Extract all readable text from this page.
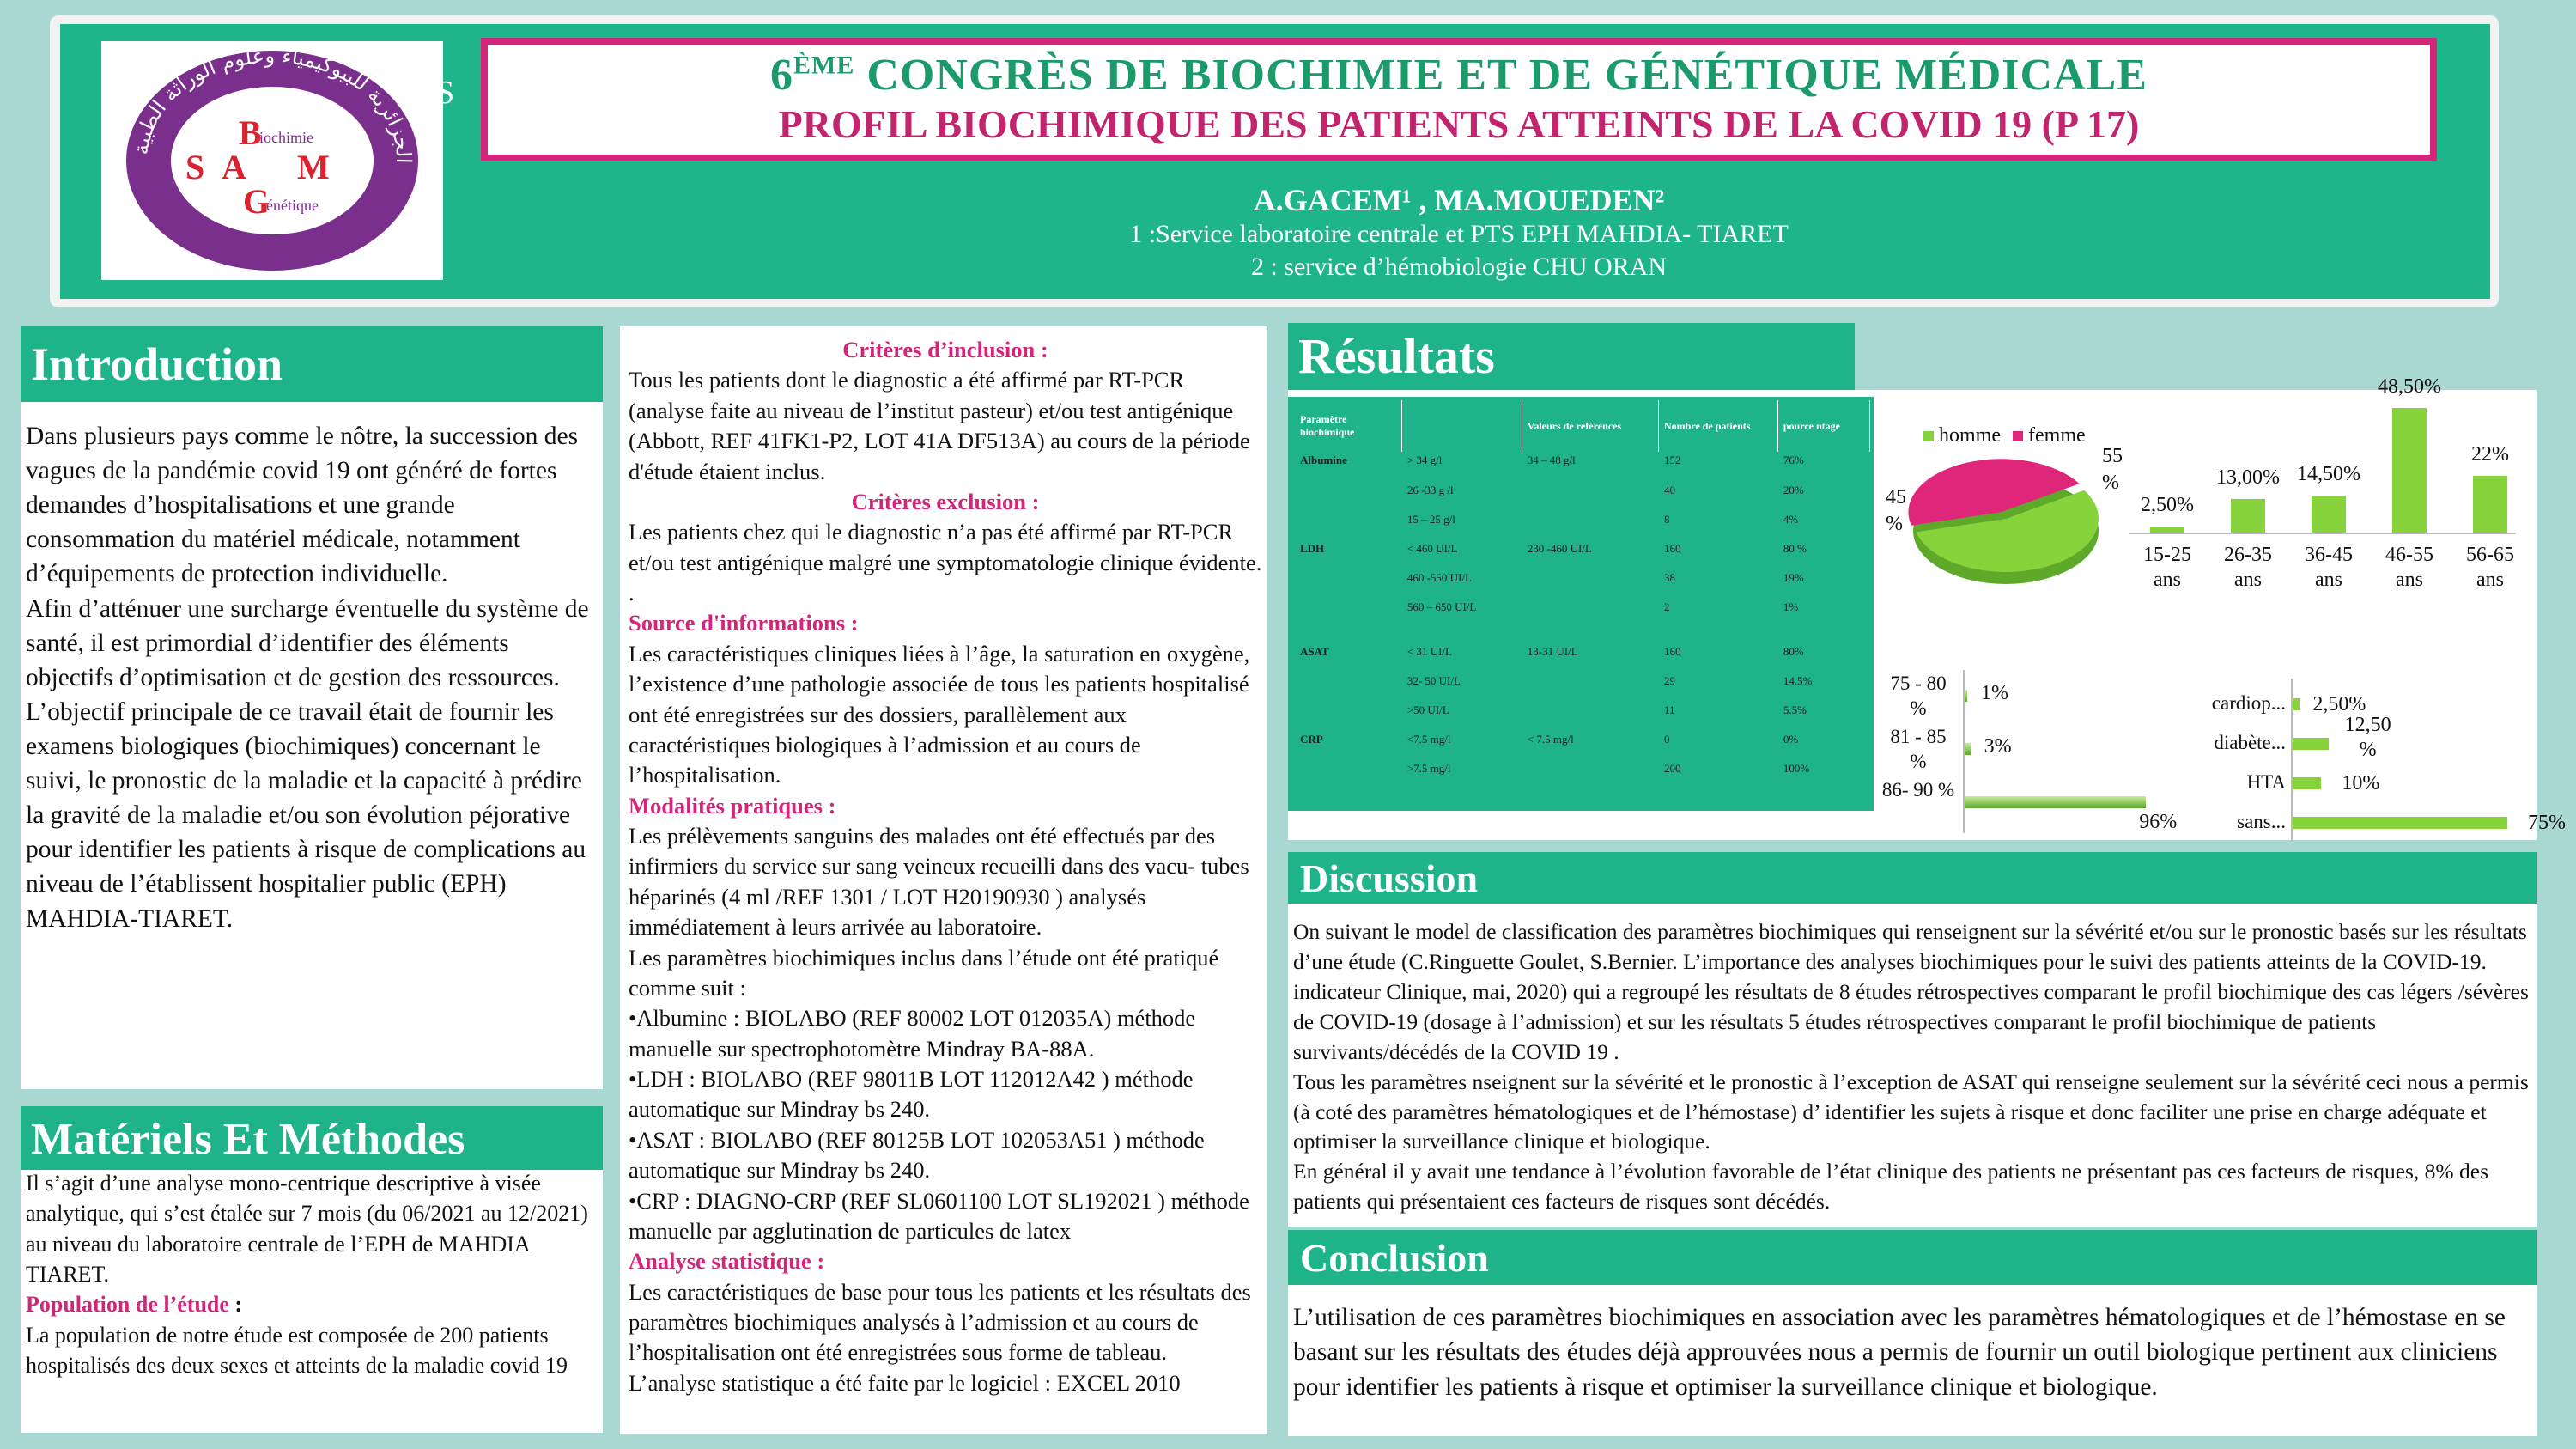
B
iochimie
S A M
G
énétique
الجزائرية للبيوكيمياء وعلوم الوراثة الطبية	S	6ÈME CONGRÈS DE BIOCHIMIE ET DE GÉNÉTIQUE MÉDICALE
PROFIL BIOCHIMIQUE DES PATIENTS ATTEINTS DE LA COVID 19 (P 17)
A.GACEM¹ , MA.MOUEDEN²
1 :Service laboratoire centrale et PTS EPH MAHDIA- TIARET
2 : service d’hémobiologie CHU ORAN
Introduction
Dans plusieurs pays comme le nôtre, la succession des vagues de la pandémie covid 19 ont généré de fortes demandes d’hospitalisations et une grande consommation du matériel médicale, notamment d’équipements de protection individuelle.
Afin d’atténuer une surcharge éventuelle du système de santé, il est primordial d’identifier des éléments objectifs d’optimisation et de gestion des ressources.
L’objectif principale de ce travail était de fournir les examens biologiques (biochimiques) concernant le suivi, le pronostic de la maladie et la capacité à prédire la gravité de la maladie et/ou son évolution péjorative pour identifier les patients à risque de complications au niveau de l’établissent hospitalier public (EPH) MAHDIA-TIARET.
Matériels Et Méthodes

Il s’agit d’une analyse mono-centrique descriptive à visée analytique, qui s’est étalée sur 7 mois (du 06/2021 au 12/2021) au niveau du laboratoire centrale de l’EPH de MAHDIA TIARET.

Population de l’étude :

La population de notre étude est composée de 200 patients hospitalisés des deux sexes et atteints de la maladie covid 19

Critères d’inclusion :

Tous les patients dont le diagnostic a été affirmé par RT-PCR (analyse faite au niveau de l’institut pasteur) et/ou test antigénique (Abbott, REF 41FK1-P2, LOT 41A DF513A) au cours de la période d'étude étaient inclus.

Critères exclusion :

Les patients chez qui le diagnostic n’a pas été affirmé par RT-PCR et/ou test antigénique malgré une symptomatologie clinique évidente. .

Source d'informations :

Les caractéristiques cliniques liées à l’âge, la saturation en oxygène, l’existence d’une pathologie associée de tous les patients hospitalisé ont été enregistrées sur des dossiers, parallèlement aux caractéristiques biologiques à l’admission et au cours de l’hospitalisation.

Modalités pratiques :

Les prélèvements sanguins des malades ont été effectués par des infirmiers du service sur sang veineux recueilli dans des vacu- tubes héparinés (4 ml /REF 1301 / LOT H20190930 ) analysés immédiatement à leurs arrivée au laboratoire.
Les paramètres biochimiques inclus dans l’étude ont été pratiqué comme suit :
•Albumine : BIOLABO (REF 80002 LOT 012035A) méthode manuelle sur spectrophotomètre Mindray BA-88A.
•LDH : BIOLABO (REF 98011B LOT 112012A42 ) méthode automatique sur Mindray bs 240.
•ASAT : BIOLABO (REF 80125B LOT 102053A51 ) méthode automatique sur Mindray bs 240.
•CRP : DIAGNO-CRP (REF SL0601100 LOT SL192021 ) méthode manuelle par agglutination de particules de latex

Analyse statistique :

Les caractéristiques de base pour tous les patients et les résultats des paramètres biochimiques analysés à l’admission et au cours de l’hospitalisation ont été enregistrées sous forme de tableau.
L’analyse statistique a été faite par le logiciel : EXCEL 2010

Résultats
Paramètre biochimique		Valeurs de références	Nombre de patients	pource ntage
Albumine	> 34 g/l	34 – 48 g/l	152	76%
	26 -33 g /l		40	20%
	15 – 25 g/l		8	4%
LDH	< 460 UI/L	230 -460 UI/L	160	80 %
	460 -550 UI/L		38	19%
	560 – 650 UI/L		2	1%
ASAT	< 31 UI/L	13-31 UI/L	160	80%
	32- 50 UI/L		29	14.5%
	>50 UI/L		11	5.5%
CRP	<7.5 mg/l	< 7.5 mg/l	0	0%
	>7.5 mg/l		200	100%
homme femme
55 %
45 %
2,50%
15-25 ans
13,00%
26-35 ans
14,50%
36-45 ans
48,50%
46-55 ans
22%
56-65 ans
75 - 80 %
1%
81 - 85 %
3%
86- 90 %
96%
cardiop... 2,50%
diabète...
12,50 %
HTA	10%
sans...	75%
Discussion
On suivant le model de classification des paramètres biochimiques qui renseignent sur la sévérité et/ou sur le pronostic basés sur les résultats d’une étude (C.Ringuette Goulet, S.Bernier. L’importance des analyses biochimiques pour le suivi des patients atteints de la COVID-19. indicateur Clinique, mai, 2020) qui a regroupé les résultats de 8 études rétrospectives comparant le profil biochimique des cas légers /sévères de COVID-19 (dosage à l’admission) et sur les résultats 5 études rétrospectives comparant le profil biochimique de patients survivants/décédés de la COVID 19 .
Tous les paramètres nseignent sur la sévérité et le pronostic à l’exception de ASAT qui renseigne seulement sur la sévérité ceci nous a permis (à coté des paramètres hématologiques et de l’hémostase) d’ identifier les sujets à risque et donc faciliter une prise en charge adéquate et optimiser la surveillance clinique et biologique.
En général il y avait une tendance à l’évolution favorable de l’état clinique des patients ne présentant pas ces facteurs de risques, 8% des patients qui présentaient ces facteurs de risques sont décédés.
Conclusion
L’utilisation de ces paramètres biochimiques en association avec les paramètres hématologiques et de l’hémostase en se basant sur les résultats des études déjà approuvées nous a permis de fournir un outil biologique pertinent aux cliniciens pour identifier les patients à risque et optimiser la surveillance clinique et biologique.
